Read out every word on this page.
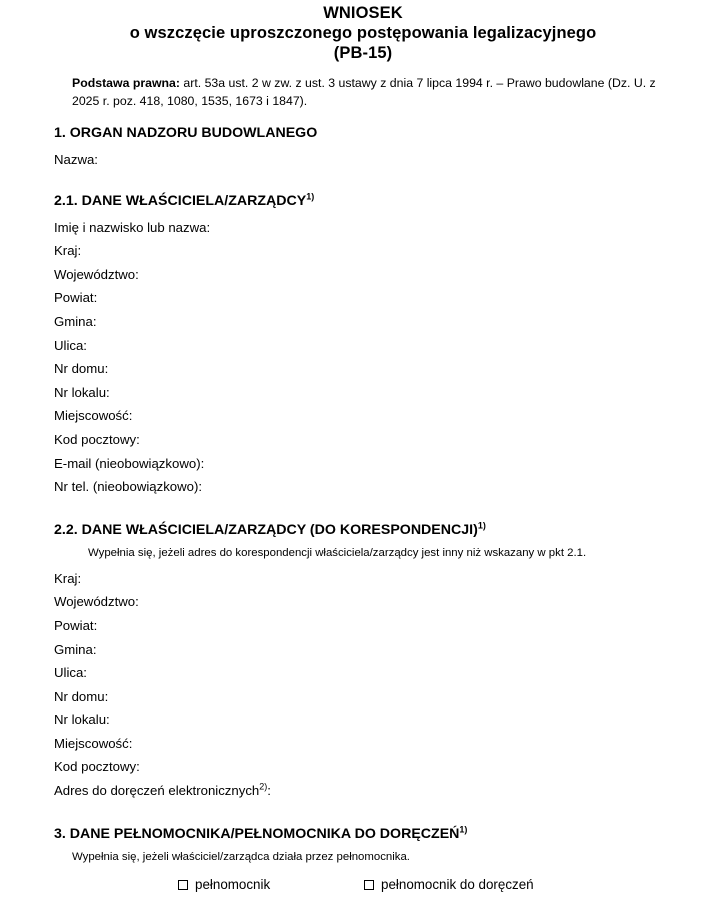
WNIOSEK
o wszczęcie uproszczonego postępowania legalizacyjnego
(PB-15)
Podstawa prawna: art. 53a ust. 2 w zw. z ust. 3 ustawy z dnia 7 lipca 1994 r. – Prawo budowlane (Dz. U. z 2025 r. poz. 418, 1080, 1535, 1673 i 1847).
1. ORGAN NADZORU BUDOWLANEGO
Nazwa:
2.1. DANE WŁAŚCICIELA/ZARZĄDCY$^{1)}$
Imię i nazwisko lub nazwa:
Kraj:
Województwo:
Powiat:
Gmina:
Ulica:
Nr domu:
Nr lokalu:
Miejscowość:
Kod pocztowy:
E-mail (nieobowiązkowo):
Nr tel. (nieobowiązkowo):
2.2. DANE WŁAŚCICIELA/ZARZĄDCY (DO KORESPONDENCJI)$^{1)}$
Wypełnia się, jeżeli adres do korespondencji właściciela/zarządcy jest inny niż wskazany w pkt 2.1.
Kraj:
Województwo:
Powiat:
Gmina:
Ulica:
Nr domu:
Nr lokalu:
Miejscowość:
Kod pocztowy:
Adres do doręczeń elektronicznych$^{2)}$:
3. DANE PEŁNOMOCNIKA/PEŁNOMOCNIKA DO DORĘCZEŃ$^{1)}$
Wypełnia się, jeżeli właściciel/zarządca działa przez pełnomocnika.
pełnomocnik	pełnomocnik do doręczeń
